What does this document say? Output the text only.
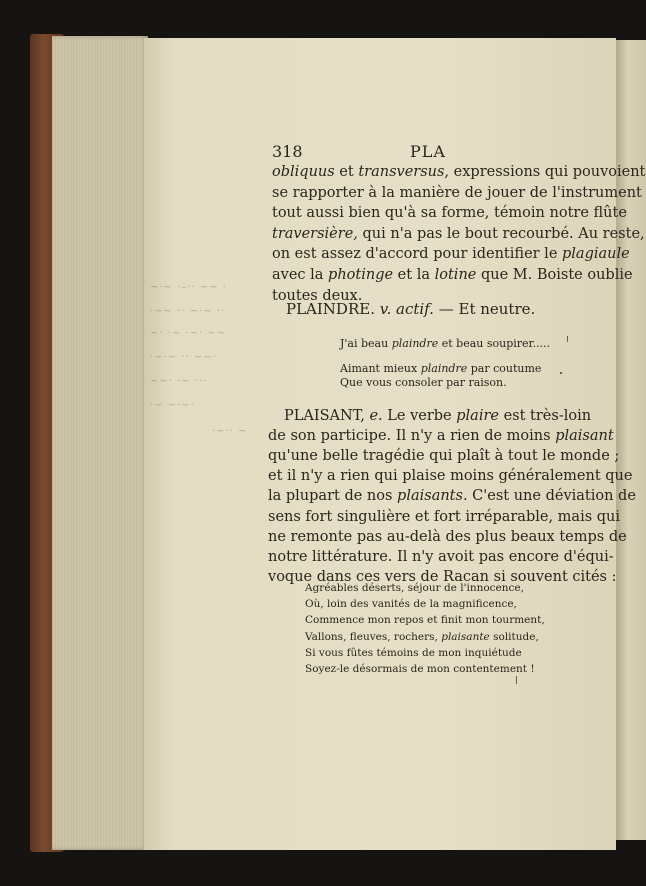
~·~ ·–·· ~~ ·
·~~ ·· ~·~ ··
~· ·~ ·~· ~~
·~·~ ·· ~~·
~~· ·~ ···
·~ ~·~·
·~·· ~
318	PLA
obliquus et transversus, expressions qui pouvoient
se rapporter à la manière de jouer de l'instrument
tout aussi bien qu'à sa forme, témoin notre flûte
traversière, qui n'a pas le bout recourbé. Au reste,
on est assez d'accord pour identifier le plagiaule
avec la photinge et la lotine que M. Boiste oublie
toutes deux.
PLAINDRE. v. actif. — Et neutre.
J'ai beau plaindre et beau soupirer.....
Aimant mieux plaindre par coutume
Que vous consoler par raison.
PLAISANT, e. Le verbe plaire est très-loin
de son participe. Il n'y a rien de moins plaisant
qu'une belle tragédie qui plaît à tout le monde ;
et il n'y a rien qui plaise moins généralement que
la plupart de nos plaisants. C'est une déviation de
sens fort singulière et fort irréparable, mais qui
ne remonte pas au-delà des plus beaux temps de
notre littérature. Il n'y avoit pas encore d'équi-
voque dans ces vers de Racan si souvent cités :
Agréables déserts, séjour de l'innocence,
Où, loin des vanités de la magnificence,
Commence mon repos et finit mon tourment,
Vallons, fleuves, rochers, plaisante solitude,
Si vous fûtes témoins de mon inquiétude
Soyez-le désormais de mon contentement !
